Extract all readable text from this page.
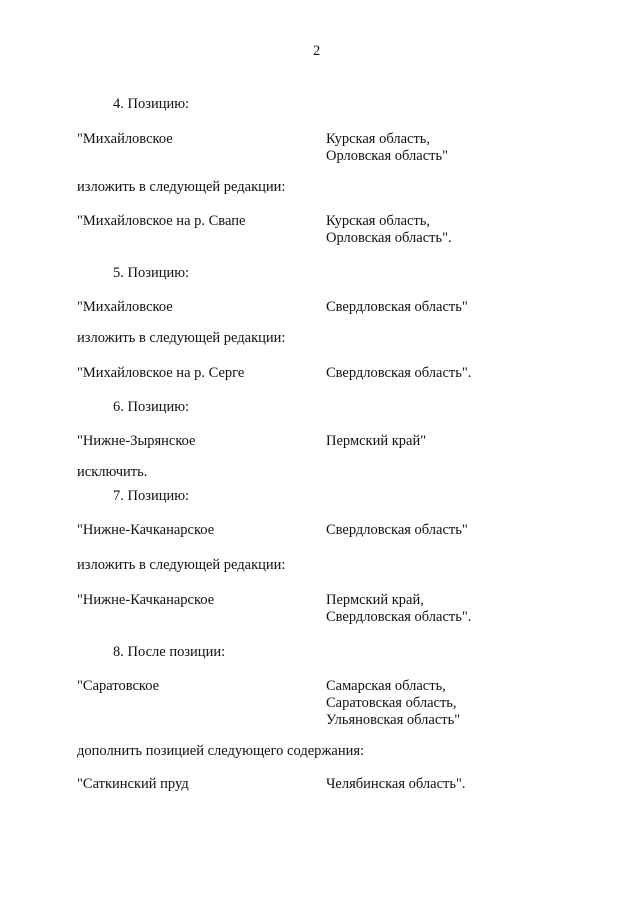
2
4. Позицию:
"Михайловское	Курская область,
Орловская область"
изложить в следующей редакции:
"Михайловское на р. Свапе	Курская область,
Орловская область".
5. Позицию:
"Михайловское	Свердловская область"
изложить в следующей редакции:
"Михайловское на р. Серге	Свердловская область".
6. Позицию:
"Нижне-Зырянское	Пермский край"
исключить.
7. Позицию:
"Нижне-Качканарское	Свердловская область"
изложить в следующей редакции:
"Нижне-Качканарское	Пермский край,
Свердловская область".
8. После позиции:
"Саратовское	Самарская область,
Саратовская область,
Ульяновская область"
дополнить позицией следующего содержания:
"Саткинский пруд	Челябинская область".
